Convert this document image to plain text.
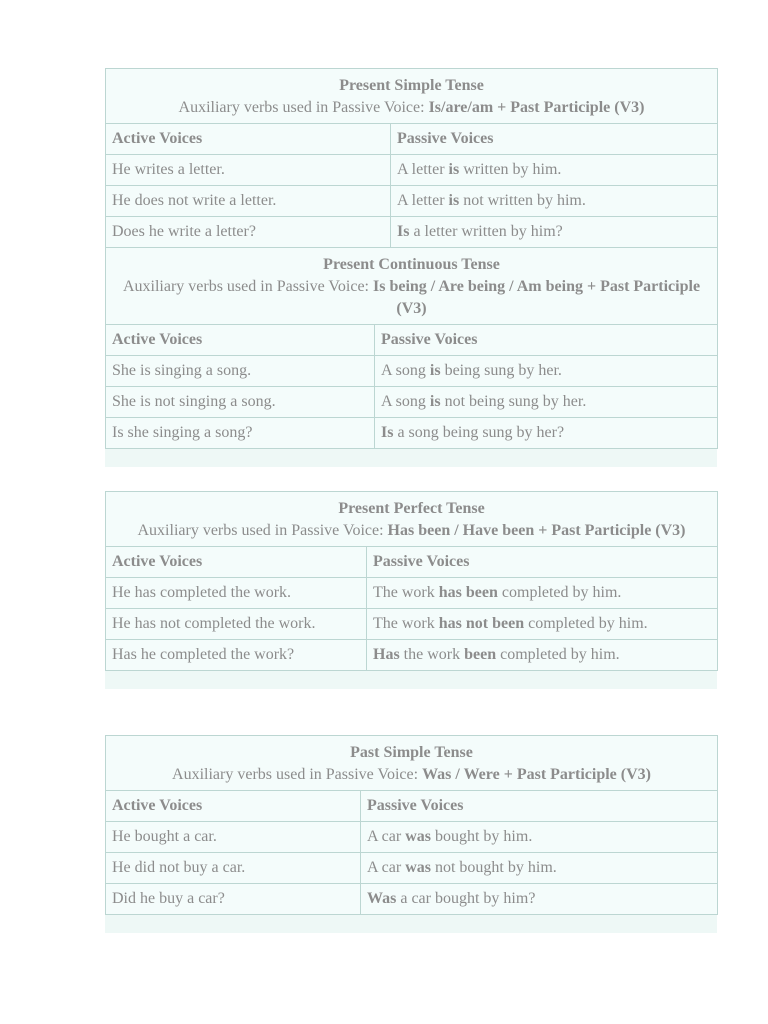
Present Simple Tense
Auxiliary verbs used in Passive Voice: Is/are/am + Past Participle (V3)	

Active Voices	Passive Voices
He writes a letter.	A letter is written by him.
He does not write a letter.	A letter is not written by him.
Does he write a letter?	Is a letter written by him?
Present Continuous Tense
Auxiliary verbs used in Passive Voice: Is being / Are being / Am being + Past Participle (V3)	

Active Voices	Passive Voices
She is singing a song.	A song is being sung by her.
She is not singing a song.	A song is not being sung by her.
Is she singing a song?	Is a song being sung by her?
Present Perfect Tense
Auxiliary verbs used in Passive Voice: Has been / Have been + Past Participle (V3)	

Active Voices	Passive Voices
He has completed the work.	The work has been completed by him.
He has not completed the work.	The work has not been completed by him.
Has he completed the work?	Has the work been completed by him.
Past Simple Tense
Auxiliary verbs used in Passive Voice: Was / Were + Past Participle (V3)	

Active Voices	Passive Voices
He bought a car.	A car was bought by him.
He did not buy a car.	A car was not bought by him.
Did he buy a car?	Was a car bought by him?
